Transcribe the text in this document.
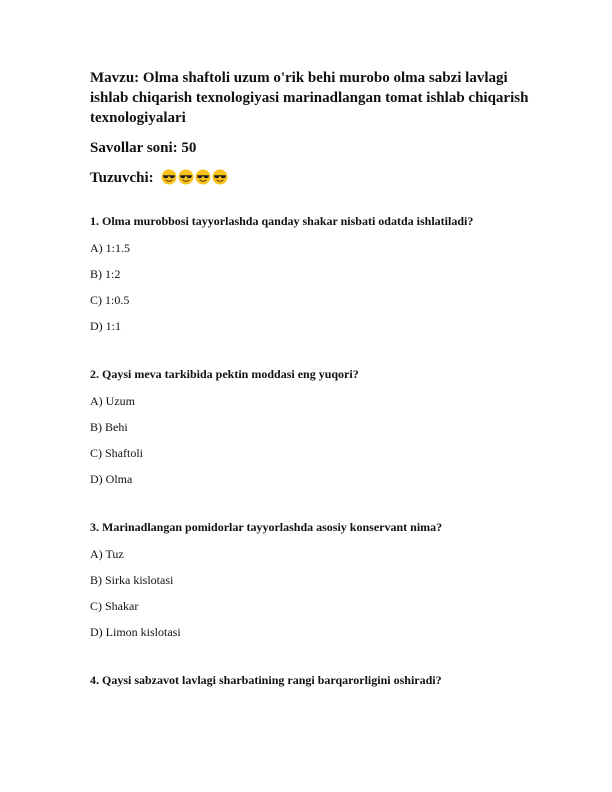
Mavzu: Olma shaftoli uzum o'rik behi murobo olma sabzi lavlagi ishlab chiqarish texnologiyasi marinadlangan tomat ishlab chiqarish texnologiyalari

Savollar soni: 50

Tuzuvchi:

1. Olma murobbosi tayyorlashda qanday shakar nisbati odatda ishlatiladi?

A) 1:1.5

B) 1:2

C) 1:0.5

D) 1:1

2. Qaysi meva tarkibida pektin moddasi eng yuqori?

A) Uzum

B) Behi

C) Shaftoli

D) Olma

3. Marinadlangan pomidorlar tayyorlashda asosiy konservant nima?

A) Tuz

B) Sirka kislotasi

C) Shakar

D) Limon kislotasi

4. Qaysi sabzavot lavlagi sharbatining rangi barqarorligini oshiradi?
